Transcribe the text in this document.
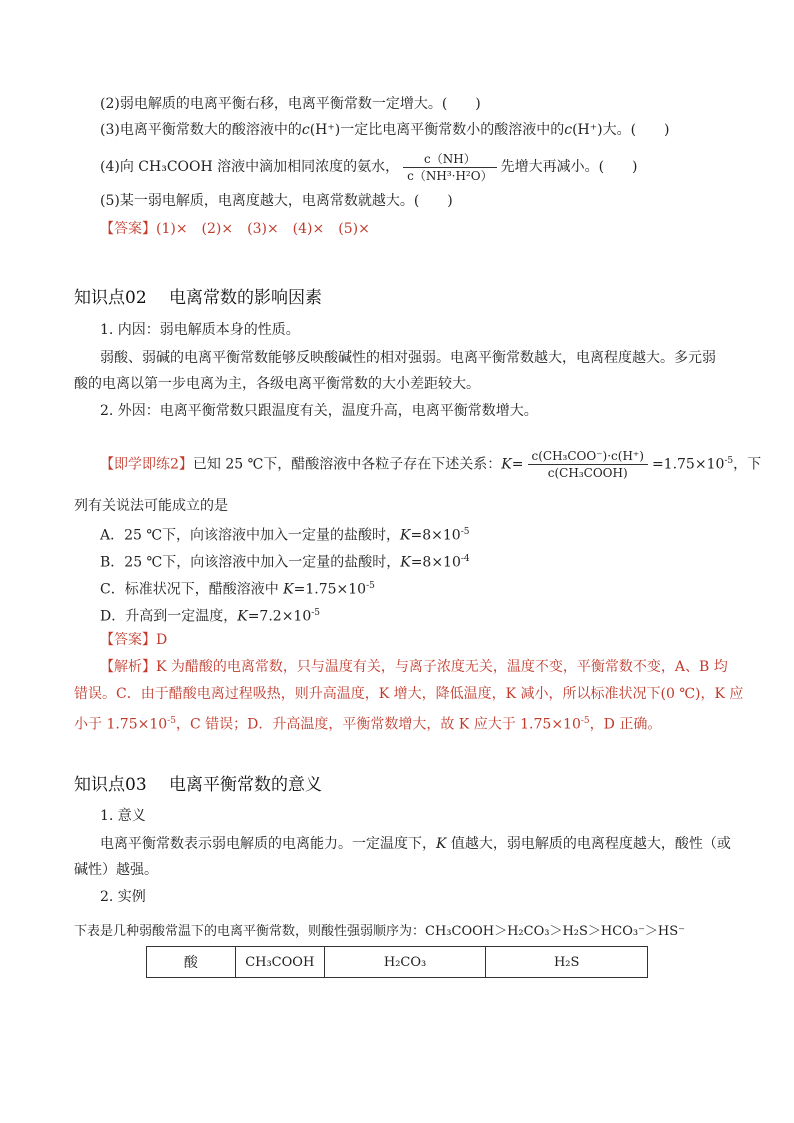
(2)弱电解质的电离平衡右移，电离平衡常数一定增大。(　　)
(3)电离平衡常数大的酸溶液中的c(H⁺)一定比电离平衡常数小的酸溶液中的c(H⁺)大。(　　)
(4)向 CH₃COOH 溶液中滴加相同浓度的氨水， $\frac{c(NH)}{\text{c（NH³·H²O）}}$ 先增大再减小。(　　)
(5)某一弱电解质，电离度越大，电离常数就越大。(　　)
【答案】(1)×　(2)×　(3)×　(4)×　(5)×
知识点02　 电离常数的影响因素
1. 内因：弱电解质本身的性质。
弱酸、弱碱的电离平衡常数能够反映酸碱性的相对强弱。电离平衡常数越大，电离程度越大。多元弱
酸的电离以第一步电离为主，各级电离平衡常数的大小差距较大。
2. 外因：电离平衡常数只跟温度有关，温度升高，电离平衡常数增大。
【即学即练2】已知 25 ℃下，醋酸溶液中各粒子存在下述关系：$K= \frac{\text{c(CH₃COO⁻)·c(H⁺)}}{\text{c(CH₃COOH)}} =1.75\times 10^{-5}$，下
列有关说法可能成立的是
A．25 ℃下，向该溶液中加入一定量的盐酸时，$K=8\times 10^{-5}$
B．25 ℃下，向该溶液中加入一定量的盐酸时，$K=8\times 10^{-4}$
C．标准状况下，醋酸溶液中 $K=1.75\times 10^{-5}$
D．升高到一定温度，$K=7.2\times 10^{-5}$
【答案】D
【解析】K 为醋酸的电离常数，只与温度有关，与离子浓度无关，温度不变，平衡常数不变，A、B 均
错误。C．由于醋酸电离过程吸热，则升高温度，K 增大，降低温度，K 减小，所以标准状况下(0 ℃)，K 应
小于 $1.75\times 10^{-5}$，C 错误；D．升高温度，平衡常数增大，故 K 应大于 $1.75\times 10^{-5}$，D 正确。
知识点03　 电离平衡常数的意义
1. 意义
电离平衡常数表示弱电解质的电离能力。一定温度下，K 值越大，弱电解质的电离程度越大，酸性（或
碱性）越强。
2. 实例
下表是几种弱酸常温下的电离平衡常数，则酸性强弱顺序为：CH₃COOH＞H₂CO₃＞H₂S＞HCO₃⁻＞HS⁻
酸	CH₃COOH	H₂CO₃	H₂S
